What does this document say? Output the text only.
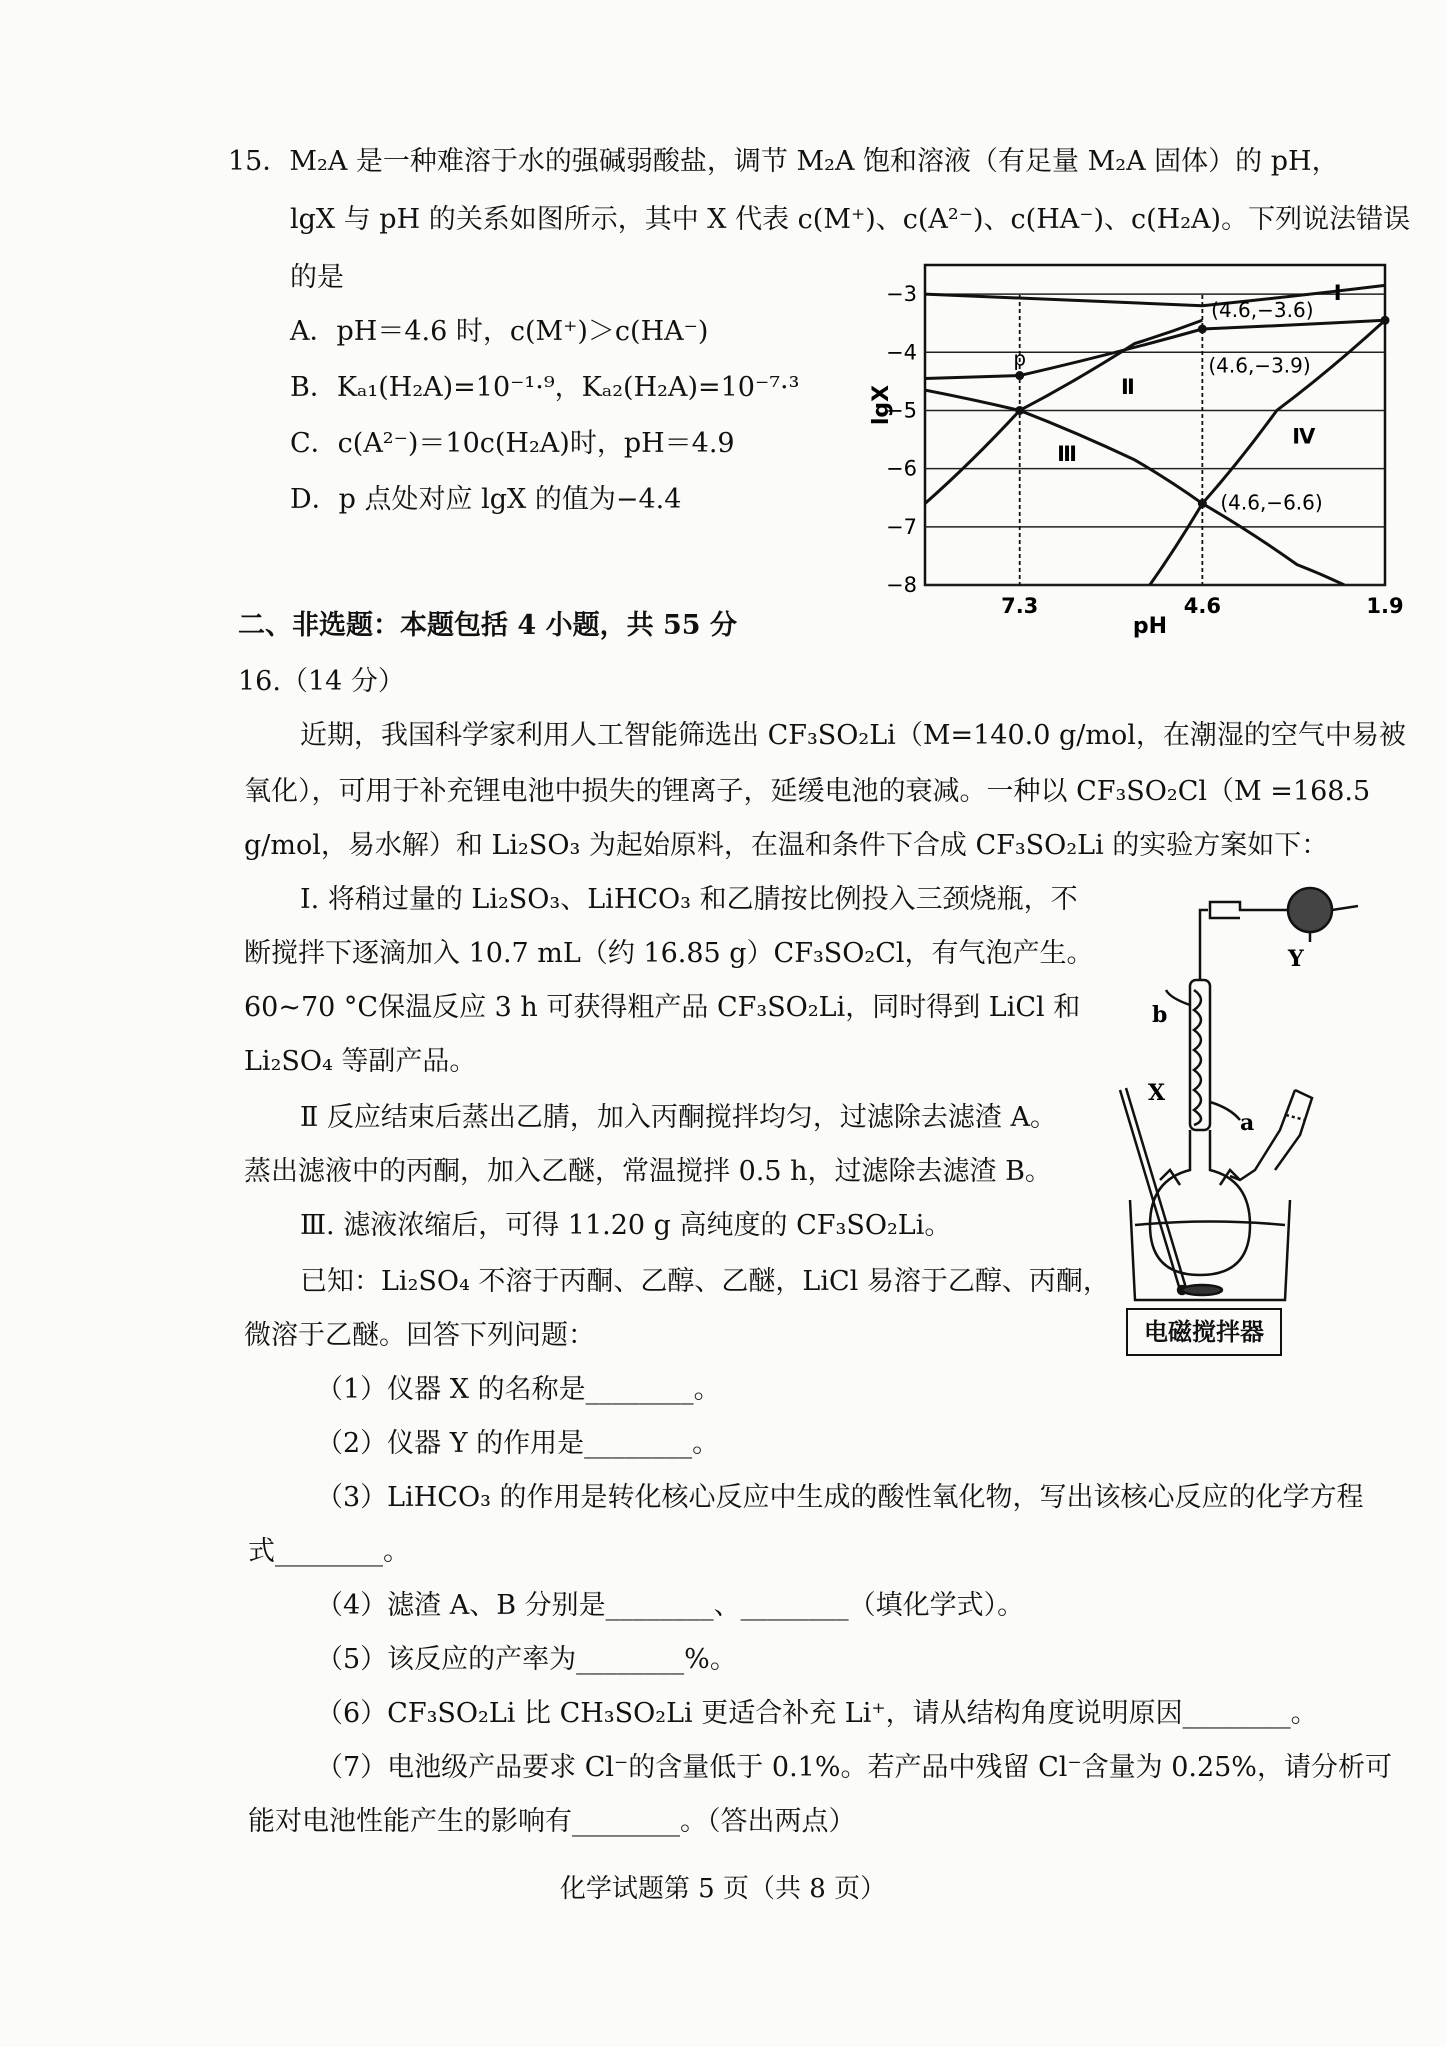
15．M₂A 是一种难溶于水的强碱弱酸盐，调节 M₂A 饱和溶液（有足量 M₂A 固体）的 pH，
lgX 与 pH 的关系如图所示，其中 X 代表 c(M⁺)、c(A²⁻)、c(HA⁻)、c(H₂A)。下列说法错误
的是
A．pH＝4.6 时，c(M⁺)＞c(HA⁻)
B．Kₐ₁(H₂A)=10⁻¹·⁹，Kₐ₂(H₂A)=10⁻⁷·³
C．c(A²⁻)＝10c(H₂A)时，pH＝4.9
D．p 点处对应 lgX 的值为−4.4
−3
−4
−5
−6
−7
−8
7.3	4.6	1.9
(4.6,−3.6)
(4.6,−3.9)
(4.6,−6.6)
p
Ⅰ
Ⅱ
Ⅲ
Ⅳ
pH
lgX
二、非选题：本题包括 4 小题，共 55 分
16.（14 分）
近期，我国科学家利用人工智能筛选出 CF₃SO₂Li（M=140.0 g/mol，在潮湿的空气中易被
氧化），可用于补充锂电池中损失的锂离子，延缓电池的衰减。一种以 CF₃SO₂Cl（M =168.5
g/mol，易水解）和 Li₂SO₃ 为起始原料，在温和条件下合成 CF₃SO₂Li 的实验方案如下：
Ⅰ. 将稍过量的 Li₂SO₃、LiHCO₃ 和乙腈按比例投入三颈烧瓶，不
断搅拌下逐滴加入 10.7 mL（约 16.85 g）CF₃SO₂Cl，有气泡产生。
60~70 °C保温反应 3 h 可获得粗产品 CF₃SO₂Li，同时得到 LiCl 和
Li₂SO₄ 等副产品。
Ⅱ 反应结束后蒸出乙腈，加入丙酮搅拌均匀，过滤除去滤渣 A。
蒸出滤液中的丙酮，加入乙醚，常温搅拌 0.5 h，过滤除去滤渣 B。
Ⅲ. 滤液浓缩后，可得 11.20 g 高纯度的 CF₃SO₂Li。
已知：Li₂SO₄ 不溶于丙酮、乙醇、乙醚，LiCl 易溶于乙醇、丙酮，
微溶于乙醚。回答下列问题：
（1）仪器 X 的名称是________。
（2）仪器 Y 的作用是________。
（3）LiHCO₃ 的作用是转化核心反应中生成的酸性氧化物，写出该核心反应的化学方程
式________。
（4）滤渣 A、B 分别是________、________（填化学式）。
（5）该反应的产率为________%。
（6）CF₃SO₂Li 比 CH₃SO₂Li 更适合补充 Li⁺，请从结构角度说明原因________。
（7）电池级产品要求 Cl⁻的含量低于 0.1%。若产品中残留 Cl⁻含量为 0.25%，请分析可
能对电池性能产生的影响有________。（答出两点）
Y
b
X
a
电磁搅拌器
化学试题第 5 页（共 8 页）
